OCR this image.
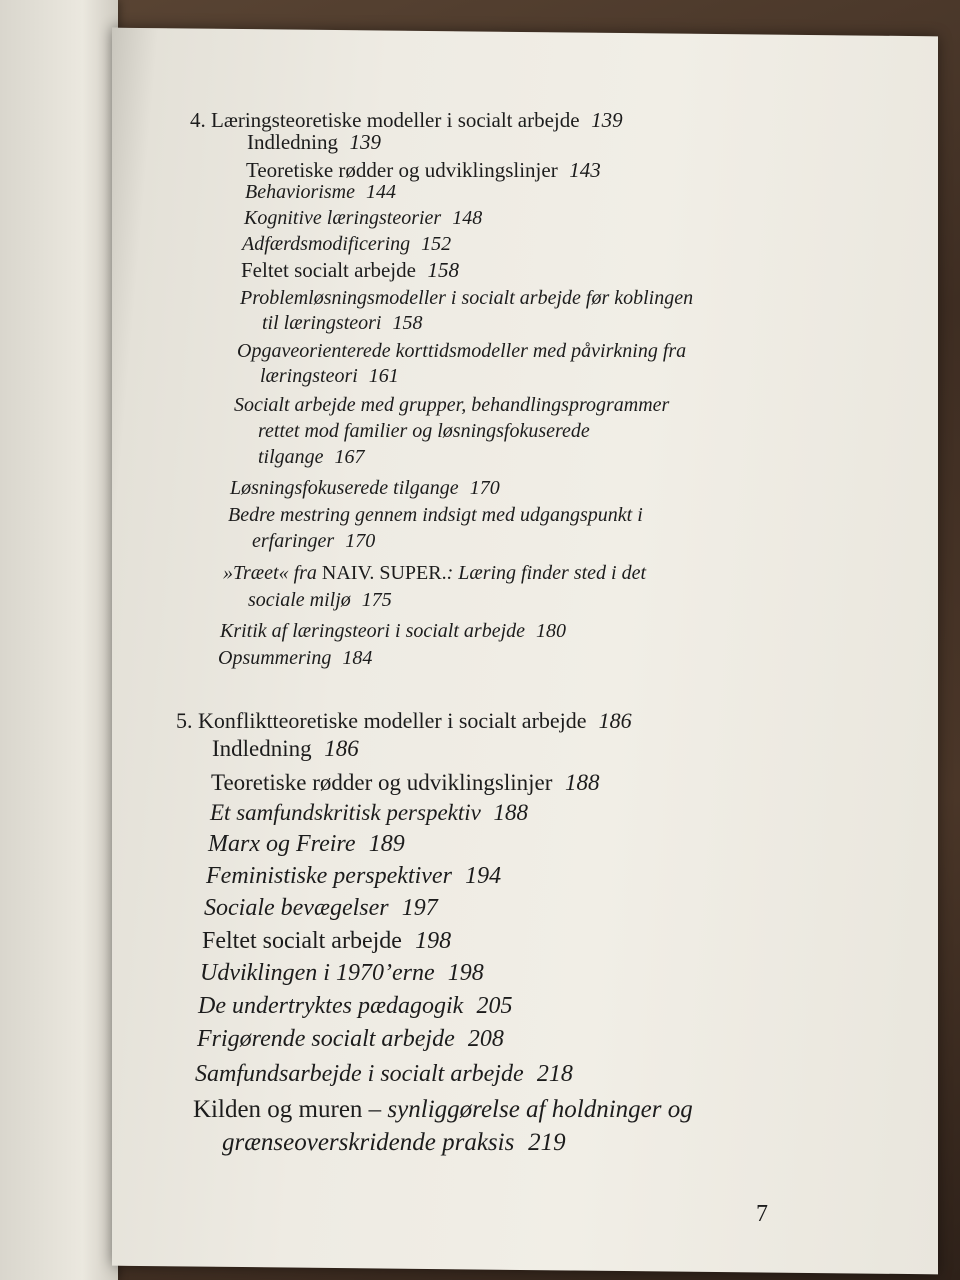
4. Læringsteoretiske modeller i socialt arbejde 139
Indledning 139
Teoretiske rødder og udviklingslinjer 143
Behaviorisme 144
Kognitive læringsteorier 148
Adfærdsmodificering 152
Feltet socialt arbejde 158
Problemløsningsmodeller i socialt arbejde før koblingen
til læringsteori 158
Opgaveorienterede korttidsmodeller med påvirkning fra
læringsteori 161
Socialt arbejde med grupper, behandlingsprogrammer
rettet mod familier og løsningsfokuserede
tilgange 167
Løsningsfokuserede tilgange 170
Bedre mestring gennem indsigt med udgangspunkt i
erfaringer 170
»Træet« fra NAIV. SUPER.: Læring finder sted i det
sociale miljø 175
Kritik af læringsteori i socialt arbejde 180
Opsummering 184
5. Konfliktteoretiske modeller i socialt arbejde 186
Indledning 186
Teoretiske rødder og udviklingslinjer 188
Et samfundskritisk perspektiv 188
Marx og Freire 189
Feministiske perspektiver 194
Sociale bevægelser 197
Feltet socialt arbejde 198
Udviklingen i 1970’erne 198
De undertryktes pædagogik 205
Frigørende socialt arbejde 208
Samfundsarbejde i socialt arbejde 218
Kilden og muren – synliggørelse af holdninger og
grænseoverskridende praksis 219
7
